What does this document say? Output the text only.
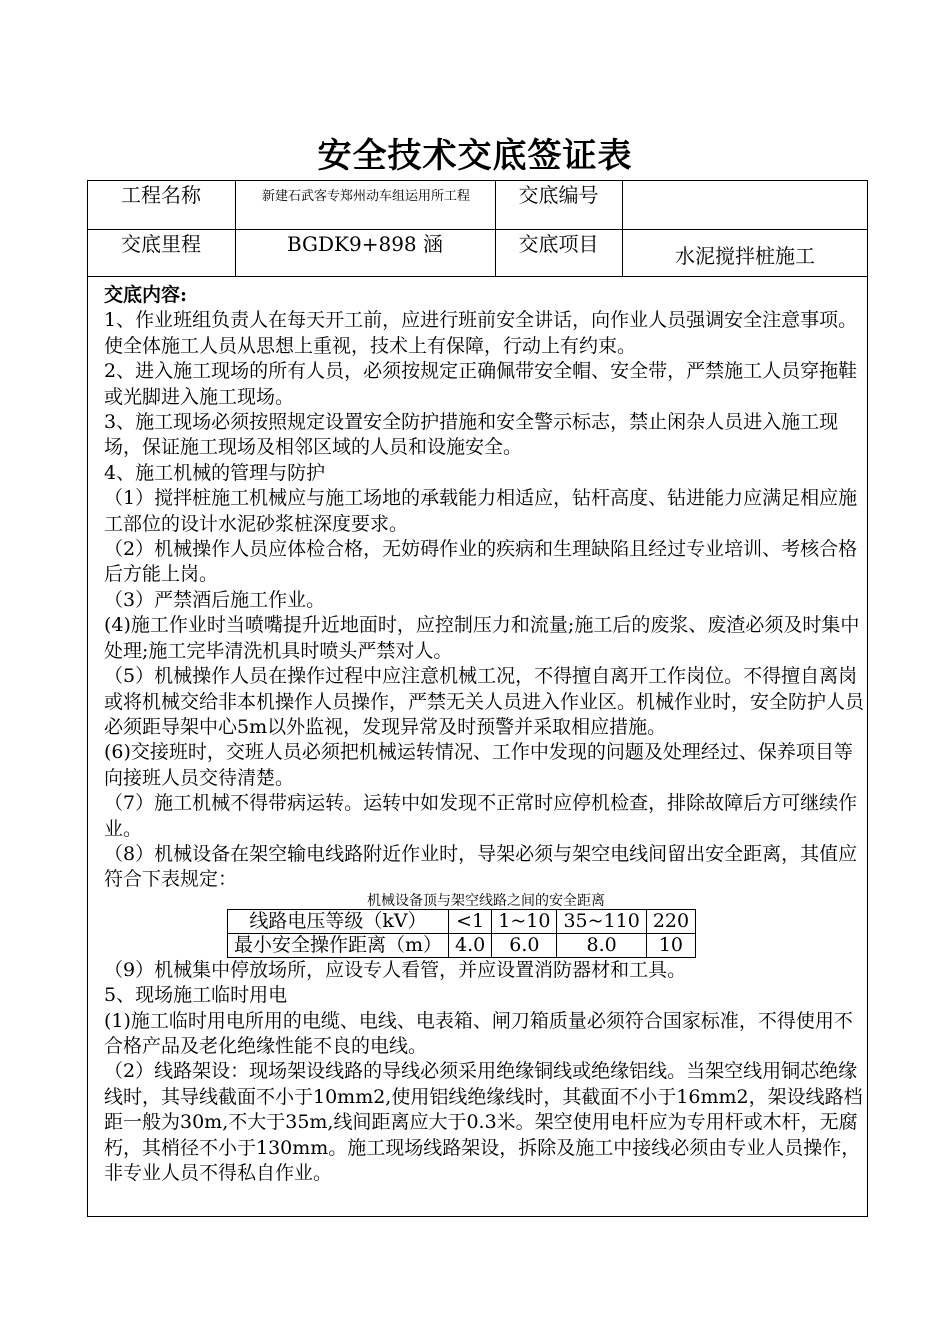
安全技术交底签证表
工程名称	新建石武客专郑州动车组运用所工程	交底编号
交底里程	BGDK9+898 涵	交底项目	水泥搅拌桩施工

交底内容:

1、作业班组负责人在每天开工前，应进行班前安全讲话，向作业人员强调安全注意事项。使全体施工人员从思想上重视，技术上有保障，行动上有约束。

2、进入施工现场的所有人员，必须按规定正确佩带安全帽、安全带，严禁施工人员穿拖鞋或光脚进入施工现场。

3、施工现场必须按照规定设置安全防护措施和安全警示标志，禁止闲杂人员进入施工现场，保证施工现场及相邻区域的人员和设施安全。

4、施工机械的管理与防护

（1）搅拌桩施工机械应与施工场地的承载能力相适应，钻杆高度、钻进能力应满足相应施工部位的设计水泥砂浆桩深度要求。

（2）机械操作人员应体检合格，无妨碍作业的疾病和生理缺陷且经过专业培训、考核合格后方能上岗。

（3）严禁酒后施工作业。

(4)施工作业时当喷嘴提升近地面时，应控制压力和流量;施工后的废浆、废渣必须及时集中处理;施工完毕清洗机具时喷头严禁对人。

（5）机械操作人员在操作过程中应注意机械工况，不得擅自离开工作岗位。不得擅自离岗或将机械交给非本机操作人员操作，严禁无关人员进入作业区。机械作业时，安全防护人员必须距导架中心5m以外监视，发现异常及时预警并采取相应措施。

(6)交接班时，交班人员必须把机械运转情况、工作中发现的问题及处理经过、保养项目等向接班人员交待清楚。

（7）施工机械不得带病运转。运转中如发现不正常时应停机检查，排除故障后方可继续作业。

（8）机械设备在架空输电线路附近作业时，导架必须与架空电线间留出安全距离，其值应符合下表规定：

机械设备顶与架空线路之间的安全距离

线路电压等级（kV）	<1	1~10	35~110	220
最小安全操作距离（m）	4.0	6.0	8.0	10

（9）机械集中停放场所，应设专人看管，并应设置消防器材和工具。

5、现场施工临时用电

(1)施工临时用电所用的电缆、电线、电表箱、闸刀箱质量必须符合国家标准，不得使用不合格产品及老化绝缘性能不良的电线。

（2）线路架设：现场架设线路的导线必须采用绝缘铜线或绝缘铝线。当架空线用铜芯绝缘线时，其导线截面不小于10mm2,使用铝线绝缘线时，其截面不小于16mm2，架设线路档距一般为30m,不大于35m,线间距离应大于0.3米。架空使用电杆应为专用杆或木杆，无腐朽，其梢径不小于130mm。施工现场线路架设，拆除及施工中接线必须由专业人员操作，非专业人员不得私自作业。
